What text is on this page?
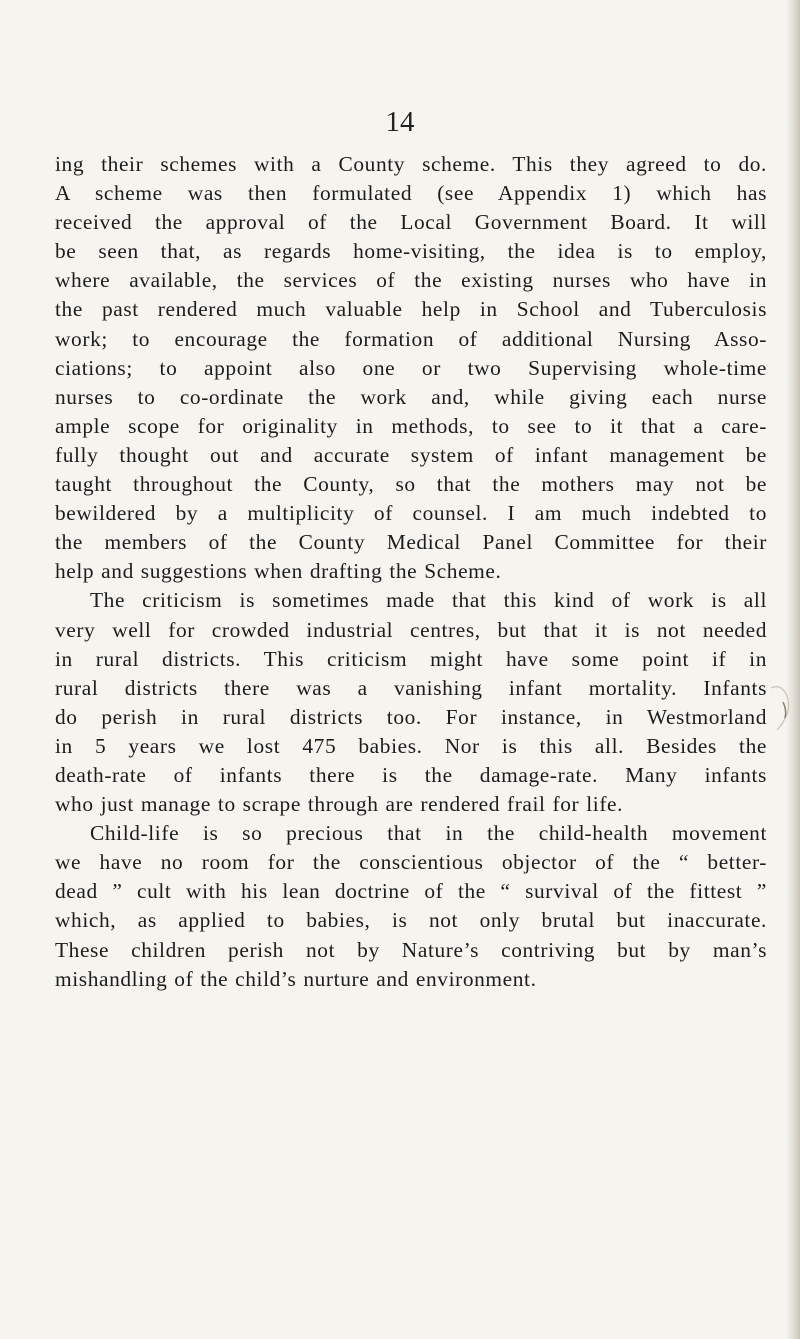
14
ing their schemes with a County scheme. This they agreed to do.
A scheme was then formulated (see Appendix 1) which has
received the approval of the Local Government Board. It will
be seen that, as regards home-visiting, the idea is to employ,
where available, the services of the existing nurses who have in
the past rendered much valuable help in School and Tuberculosis
work; to encourage the formation of additional Nursing Asso-
ciations; to appoint also one or two Supervising whole-time
nurses to co-ordinate the work and, while giving each nurse
ample scope for originality in methods, to see to it that a care-
fully thought out and accurate system of infant management be
taught throughout the County, so that the mothers may not be
bewildered by a multiplicity of counsel. I am much indebted to
the members of the County Medical Panel Committee for their
help and suggestions when drafting the Scheme.
The criticism is sometimes made that this kind of work is all
very well for crowded industrial centres, but that it is not needed
in rural districts. This criticism might have some point if in
rural districts there was a vanishing infant mortality. Infants
do perish in rural districts too. For instance, in Westmorland
in 5 years we lost 475 babies. Nor is this all. Besides the
death-rate of infants there is the damage-rate. Many infants
who just manage to scrape through are rendered frail for life.
Child-life is so precious that in the child-health movement
we have no room for the conscientious objector of the “ better-
dead ” cult with his lean doctrine of the “ survival of the fittest ”
which, as applied to babies, is not only brutal but inaccurate.
These children perish not by Nature’s contriving but by man’s
mishandling of the child’s nurture and environment.
